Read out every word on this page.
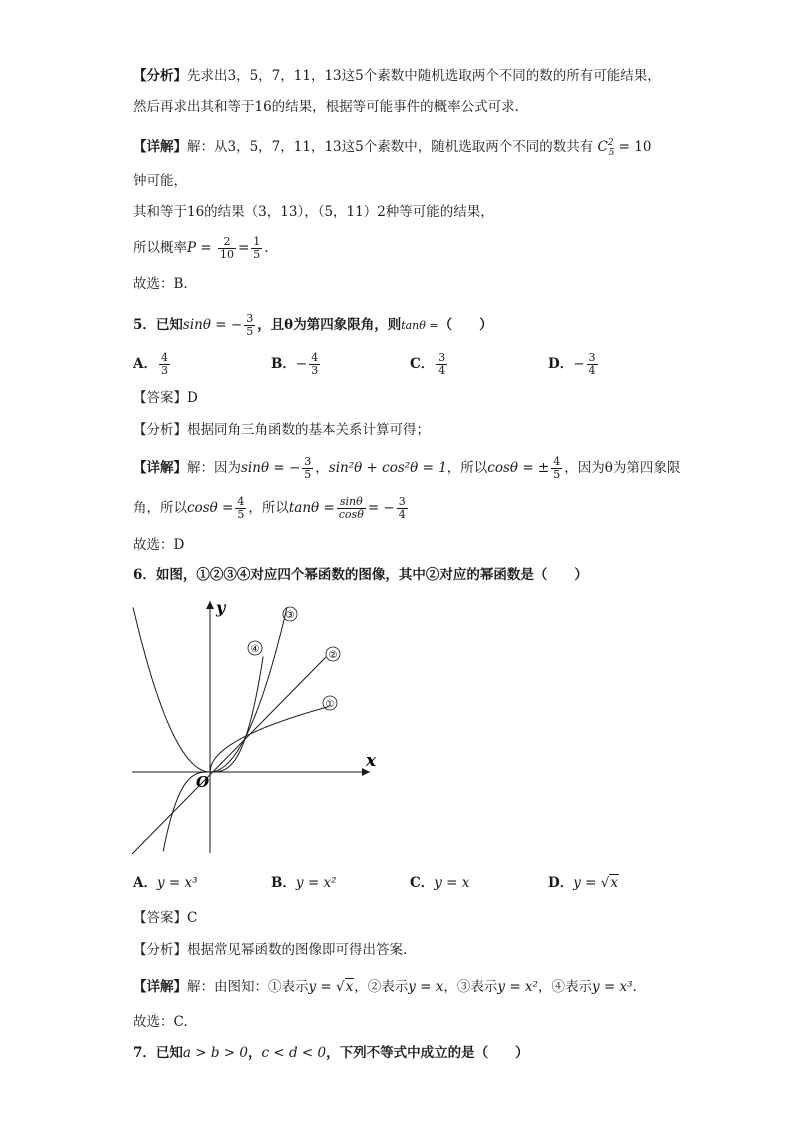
【分析】先求出3，5，7，11，13这5个素数中随机选取两个不同的数的所有可能结果，
然后再求出其和等于16的结果，根据等可能事件的概率公式可求．
【详解】解：从3，5，7，11，13这5个素数中，随机选取两个不同的数共有 $C^2_5 = 10$
钟可能，
其和等于16的结果（3，13），（5，11）2种等可能的结果，
所以概率$P = \frac{2}{10} = \frac{1}{5}$ .
故选：B.
5．已知sinθ = − $\frac{3}{5}$ ，且θ为第四象限角，则tanθ =（　　）
A． $\frac{4}{3}$	B．− $\frac{4}{3}$	C． $\frac{3}{4}$	D．− $\frac{3}{4}$
【答案】D
【分析】根据同角三角函数的基本关系计算可得；
【详解】解：因为sinθ = − $\frac{3}{5}$ ，sin²θ + cos²θ = 1，所以cosθ = ± $\frac{4}{5}$ ，因为θ为第四象限
角，所以$\cos\theta = \frac{4}{5}$ ，所以$\tan\theta = \frac{\sin\theta}{\cos\theta}$ = − $\frac{3}{4}$
故选：D
6．如图，①②③④对应四个幂函数的图像，其中②对应的幂函数是（　　）
x
y
O
①
②
③
④
A．y = x³	B．y = x²	C．y = x	D．y = √x
【答案】C
【分析】根据常见幂函数的图像即可得出答案.
【详解】解：由图知：①表示y = √x，②表示y = x，③表示y = x²，④表示y = x³.
故选：C.
7．已知a > b > 0，c < d < 0，下列不等式中成立的是（　　）
